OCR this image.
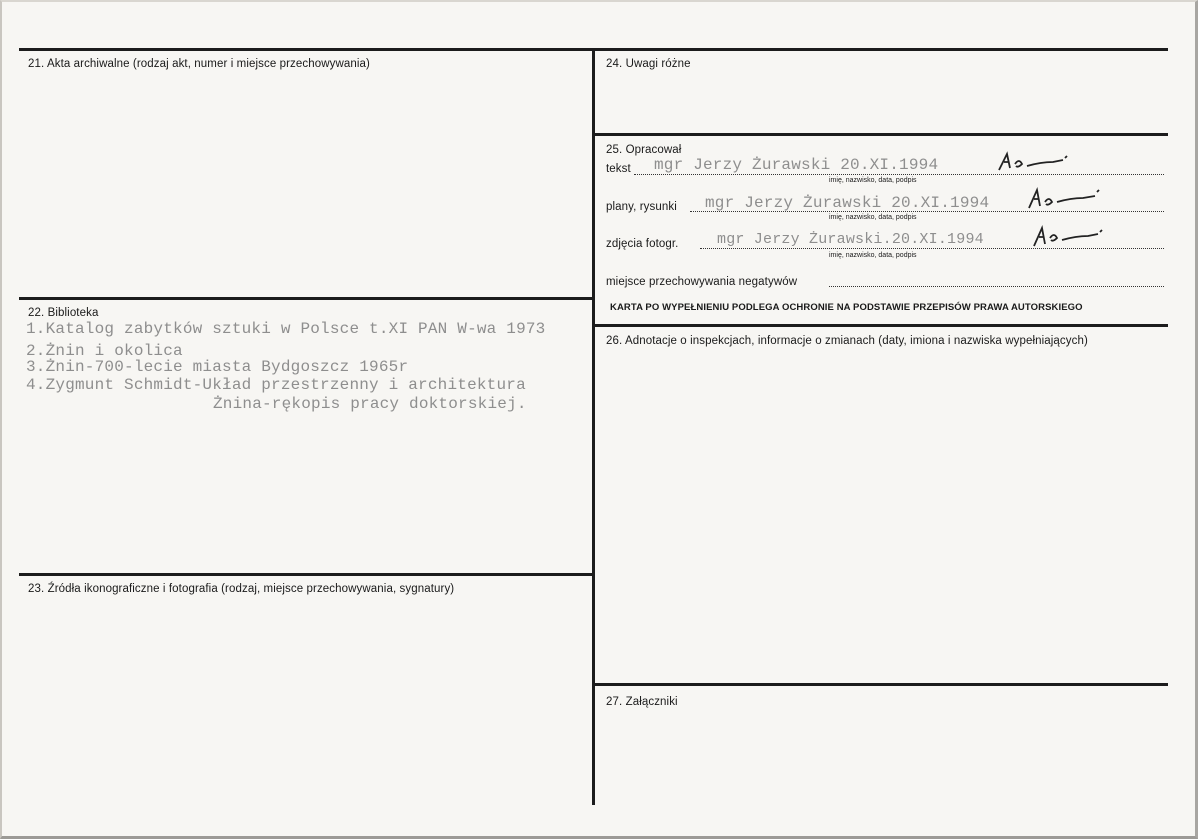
21. Akta archiwalne (rodzaj akt, numer i miejsce przechowywania)
22. Biblioteka
1.Katalog zabytków sztuki w Polsce t.XI PAN W-wa 1973
2.Żnin i okolica
3.Żnin-700-lecie miasta Bydgoszcz 1965r
4.Zygmunt Schmidt-Układ przestrzenny i architektura
Żnina-rękopis pracy doktorskiej.
23. Źródła ikonograficzne i fotografia (rodzaj, miejsce przechowywania, sygnatury)
24. Uwagi różne
25. Opracował
tekst mgr Jerzy Żurawski 20.XI.1994
imię, nazwisko, data, podpis
plany, rysunki mgr Jerzy Żurawski 20.XI.1994
imię, nazwisko, data, podpis
zdjęcia fotogr.	mgr Jerzy Żurawski.20.XI.1994
imię, nazwisko, data, podpis
miejsce przechowywania negatywów
KARTA PO WYPEŁNIENIU PODLEGA OCHRONIE NA PODSTAWIE PRZEPISÓW PRAWA AUTORSKIEGO
26. Adnotacje o inspekcjach, informacje o zmianach (daty, imiona i nazwiska wypełniających)
27. Załączniki
